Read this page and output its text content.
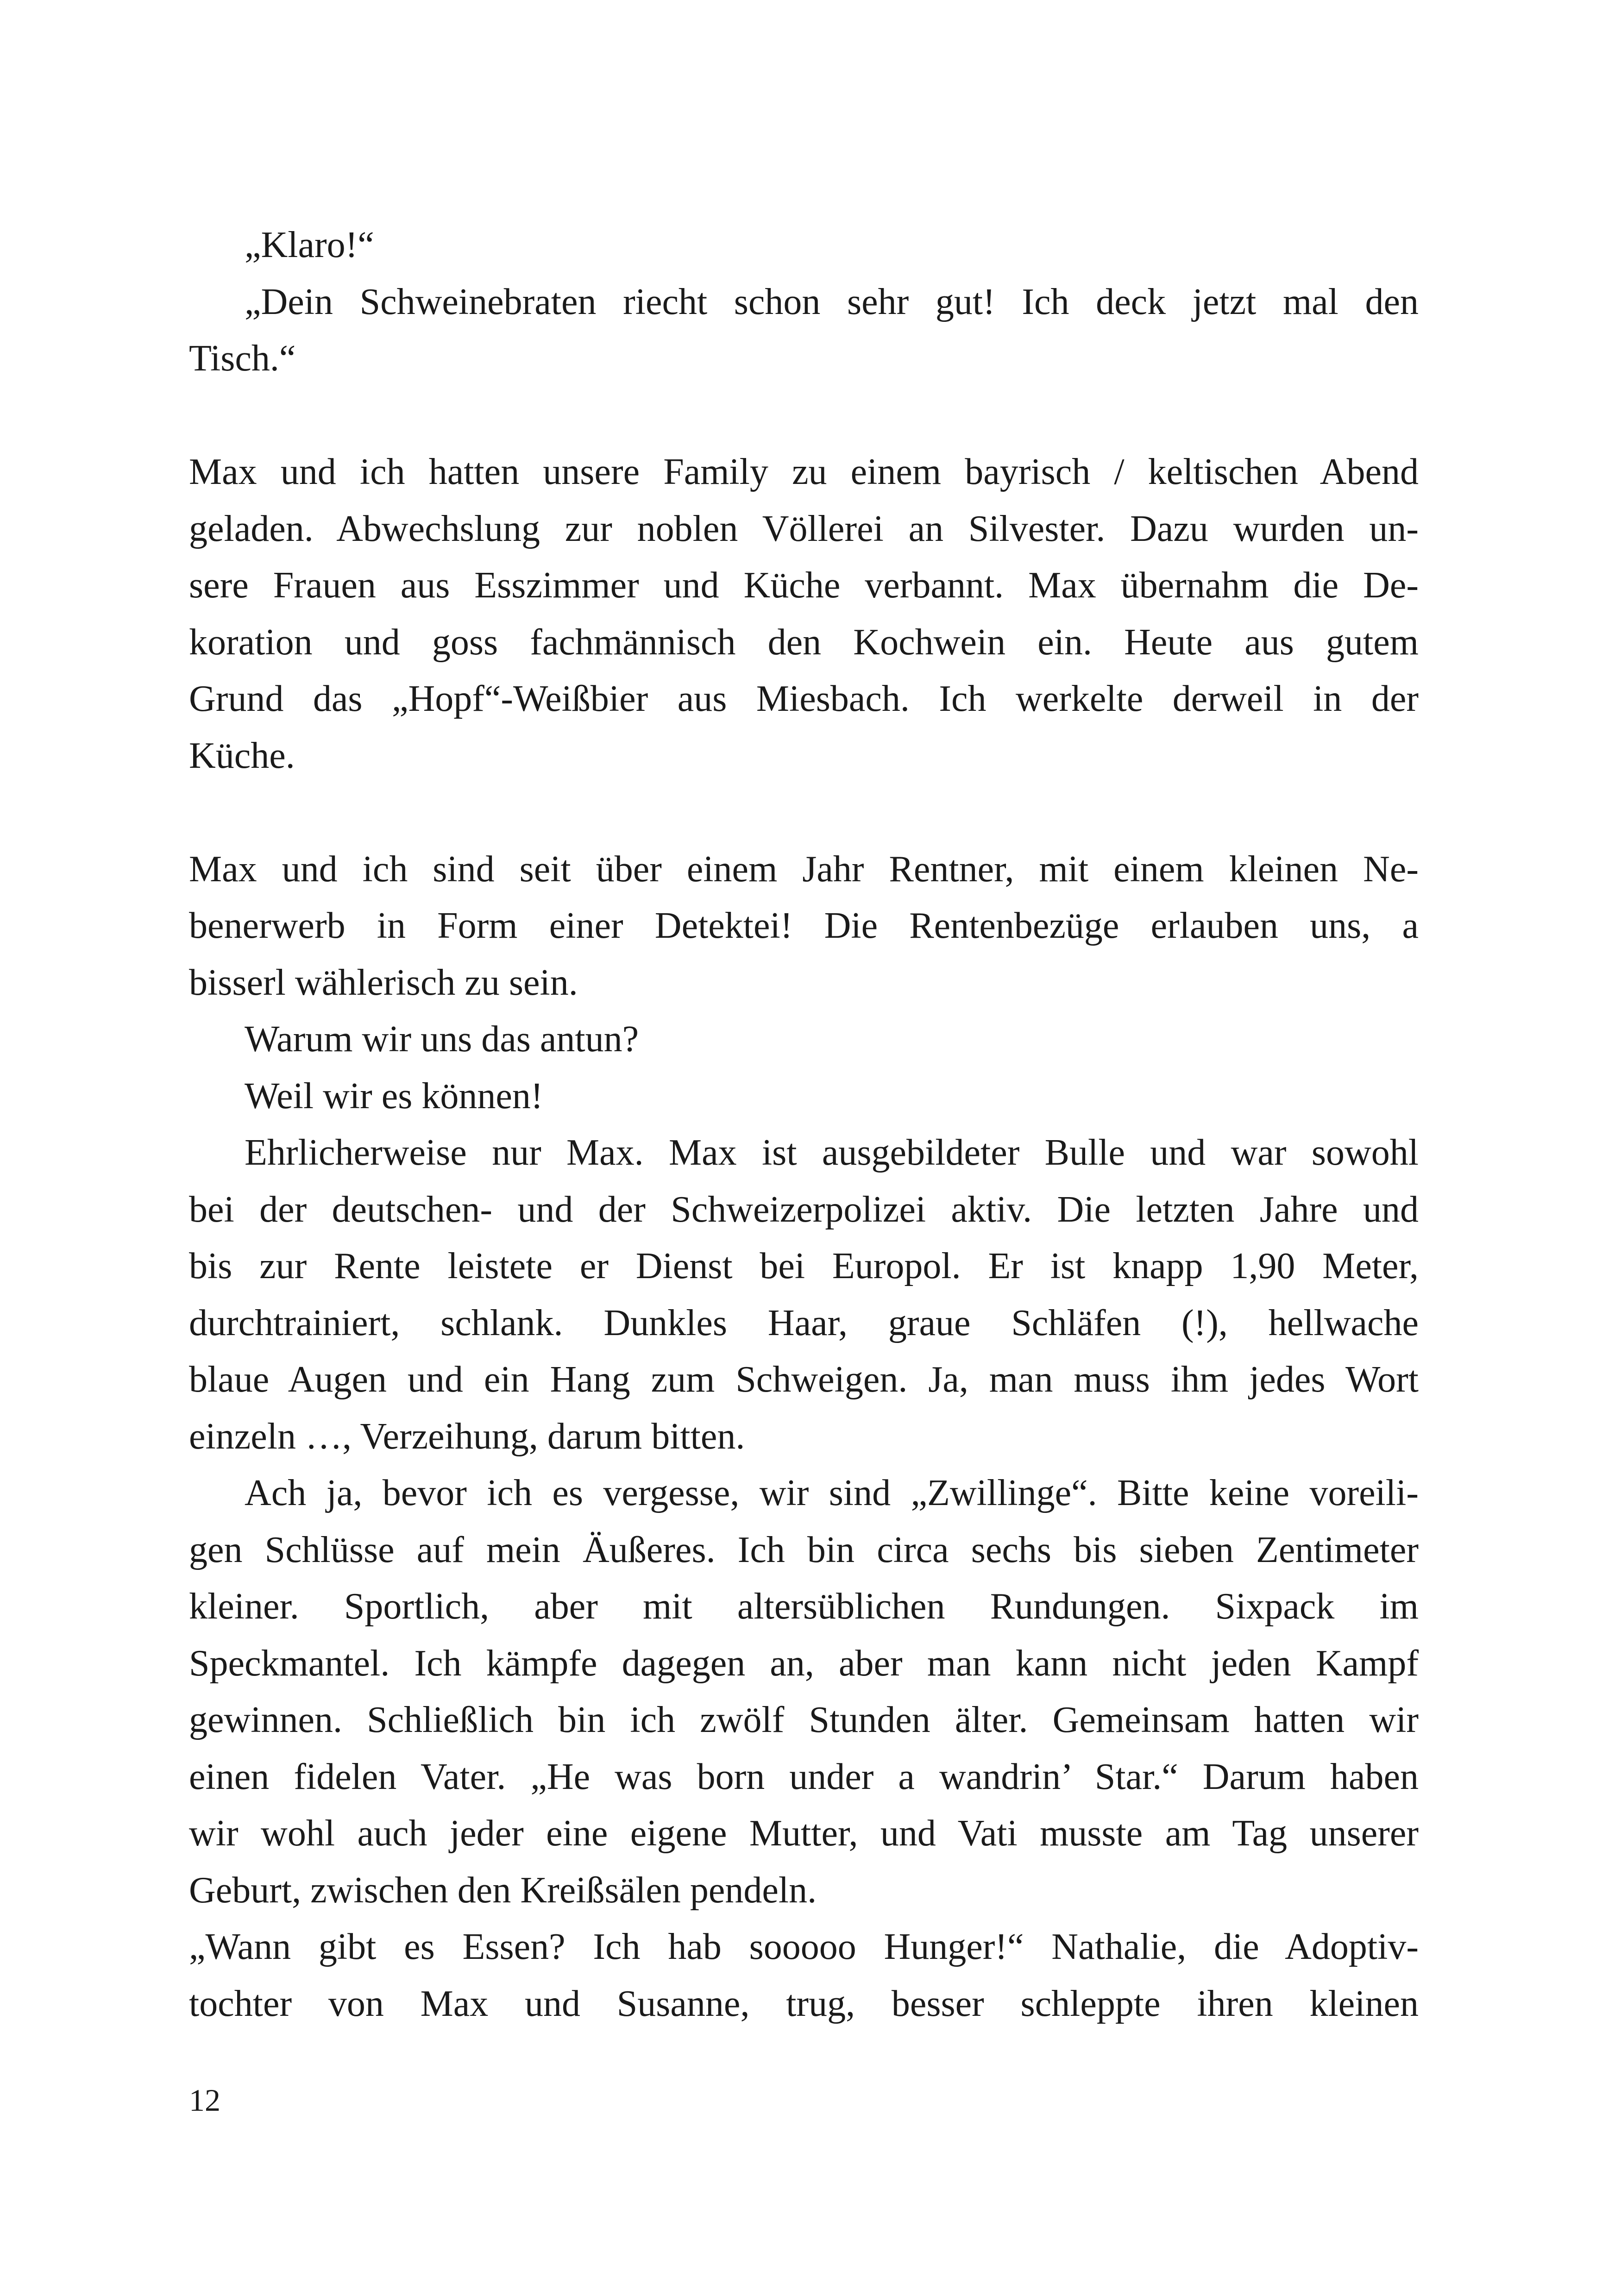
„Klaro!“
„Dein Schweinebraten riecht schon sehr gut! Ich deck jetzt mal den
Tisch.“
Max und ich hatten unsere Family zu einem bayrisch / keltischen Abend
geladen. Abwechslung zur noblen Völlerei an Silvester. Dazu wurden un-
sere Frauen aus Esszimmer und Küche verbannt. Max übernahm die De-
koration und goss fachmännisch den Kochwein ein. Heute aus gutem
Grund das „Hopf“-Weißbier aus Miesbach. Ich werkelte derweil in der
Küche.
Max und ich sind seit über einem Jahr Rentner, mit einem kleinen Ne-
benerwerb in Form einer Detektei! Die Rentenbezüge erlauben uns, a
bisserl wählerisch zu sein.
Warum wir uns das antun?
Weil wir es können!
Ehrlicherweise nur Max. Max ist ausgebildeter Bulle und war sowohl
bei der deutschen- und der Schweizerpolizei aktiv. Die letzten Jahre und
bis zur Rente leistete er Dienst bei Europol. Er ist knapp 1,90 Meter,
durchtrainiert, schlank. Dunkles Haar, graue Schläfen (!), hellwache
blaue Augen und ein Hang zum Schweigen. Ja, man muss ihm jedes Wort
einzeln …, Verzeihung, darum bitten.
Ach ja, bevor ich es vergesse, wir sind „Zwillinge“. Bitte keine voreili-
gen Schlüsse auf mein Äußeres. Ich bin circa sechs bis sieben Zentimeter
kleiner. Sportlich, aber mit altersüblichen Rundungen. Sixpack im
Speckmantel. Ich kämpfe dagegen an, aber man kann nicht jeden Kampf
gewinnen. Schließlich bin ich zwölf Stunden älter. Gemeinsam hatten wir
einen fidelen Vater. „He was born under a wandrin’ Star.“ Darum haben
wir wohl auch jeder eine eigene Mutter, und Vati musste am Tag unserer
Geburt, zwischen den Kreißsälen pendeln.
„Wann gibt es Essen? Ich hab sooooo Hunger!“ Nathalie, die Adoptiv-
tochter von Max und Susanne, trug, besser schleppte ihren kleinen
12
